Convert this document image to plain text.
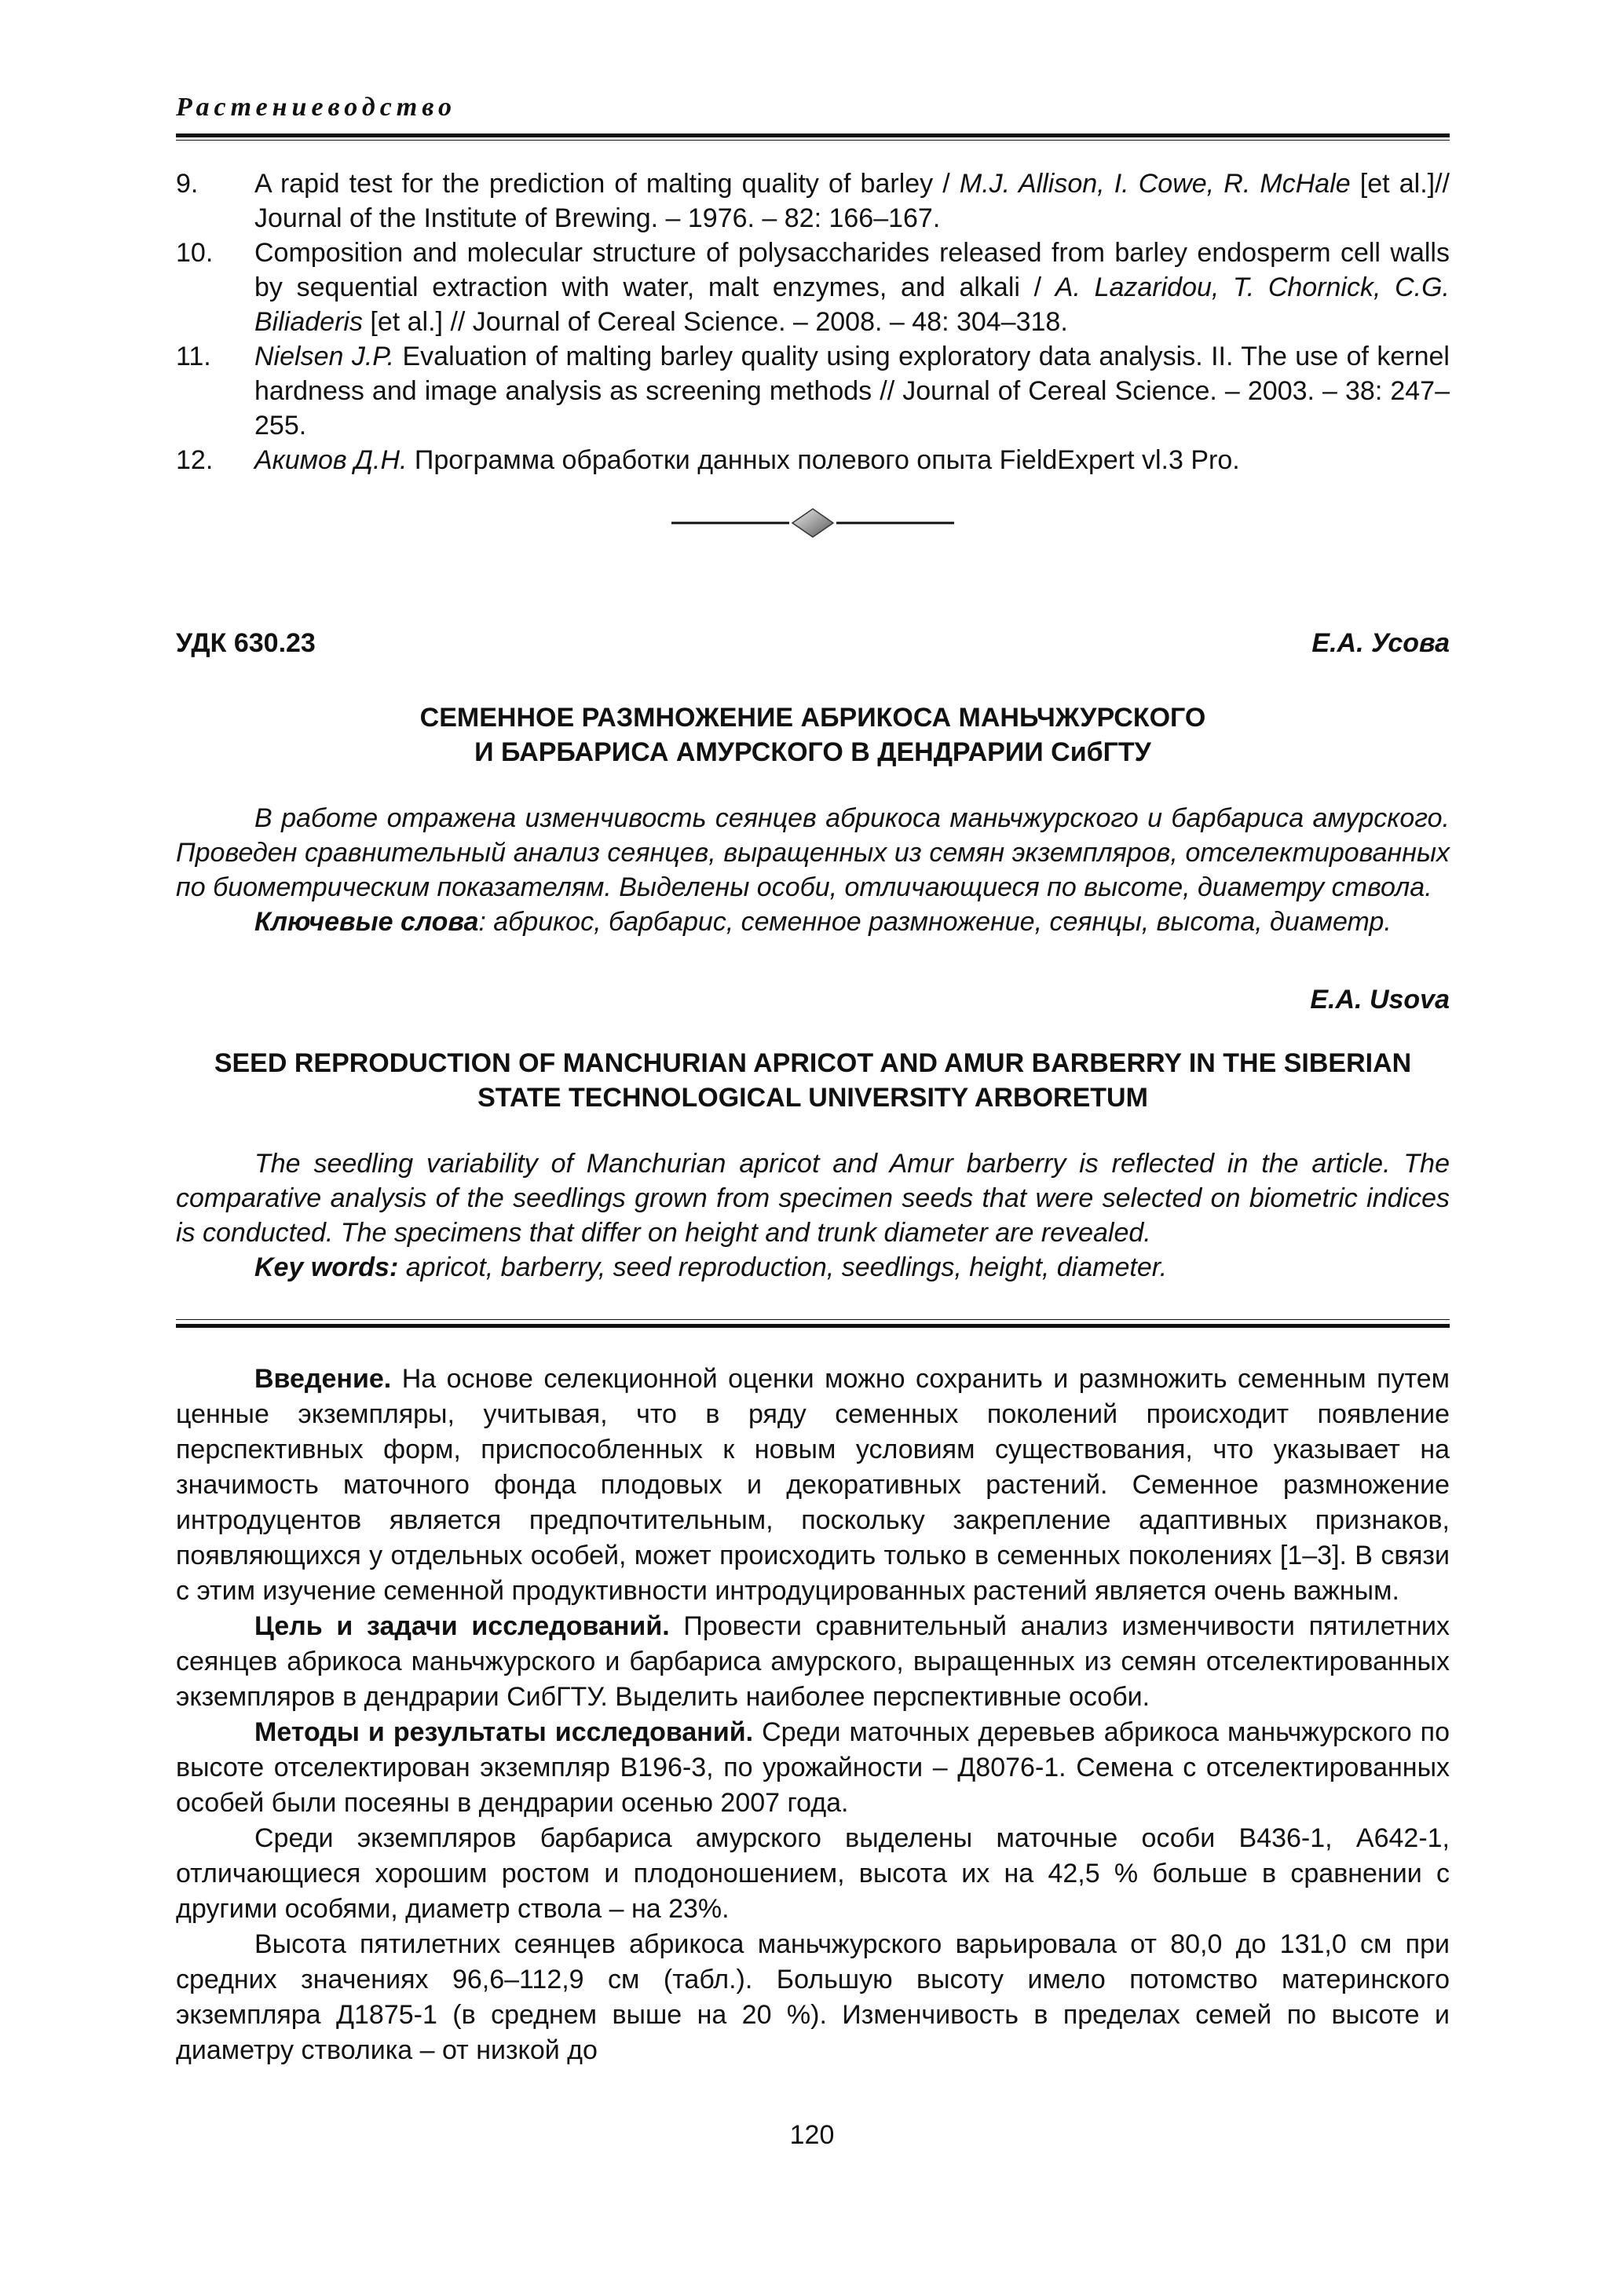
Растениеводство
9. A rapid test for the prediction of malting quality of barley / M.J. Allison, I. Cowe, R. McHale [et al.]// Journal of the Institute of Brewing. – 1976. – 82: 166–167.
10. Composition and molecular structure of polysaccharides released from barley endosperm cell walls by sequential extraction with water, malt enzymes, and alkali / A. Lazaridou, T. Chornick, C.G. Biliaderis [et al.] // Journal of Cereal Science. – 2008. – 48: 304–318.
11. Nielsen J.P. Evaluation of malting barley quality using exploratory data analysis. II. The use of kernel hardness and image analysis as screening methods // Journal of Cereal Science. – 2003. – 38: 247–255.
12. Акимов Д.Н. Программа обработки данных полевого опыта FieldExpert vl.3 Pro.
УДК 630.23	Е.А. Усова
СЕМЕННОЕ РАЗМНОЖЕНИЕ АБРИКОСА МАНЬЧЖУРСКОГО
И БАРБАРИСА АМУРСКОГО В ДЕНДРАРИИ СибГТУ

В работе отражена изменчивость сеянцев абрикоса маньчжурского и барбариса амурского. Проведен сравнительный анализ сеянцев, выращенных из семян экземпляров, отселектированных по биометрическим показателям. Выделены особи, отличающиеся по высоте, диаметру ствола.

Ключевые слова: абрикос, барбарис, семенное размножение, сеянцы, высота, диаметр.

E.A. Usova
SEED REPRODUCTION OF MANCHURIAN APRICOT AND AMUR BARBERRY IN THE SIBERIAN
STATE TECHNOLOGICAL UNIVERSITY ARBORETUM

The seedling variability of Manchurian apricot and Amur barberry is reflected in the article. The comparative analysis of the seedlings grown from specimen seeds that were selected on biometric indices is conducted. The specimens that differ on height and trunk diameter are revealed.

Key words: apricot, barberry, seed reproduction, seedlings, height, diameter.

Введение. На основе селекционной оценки можно сохранить и размножить семенным путем ценные экземпляры, учитывая, что в ряду семенных поколений происходит появление перспективных форм, приспособленных к новым условиям существования, что указывает на значимость маточного фонда плодовых и декоративных растений. Семенное размножение интродуцентов является предпочтительным, поскольку закрепление адаптивных признаков, появляющихся у отдельных особей, может происходить только в семенных поколениях [1–3]. В связи с этим изучение семенной продуктивности интродуцированных растений является очень важным.

Цель и задачи исследований. Провести сравнительный анализ изменчивости пятилетних сеянцев абрикоса маньчжурского и барбариса амурского, выращенных из семян отселектированных экземпляров в дендрарии СибГТУ. Выделить наиболее перспективные особи.

Методы и результаты исследований. Среди маточных деревьев абрикоса маньчжурского по высоте отселектирован экземпляр В196-3, по урожайности – Д8076-1. Семена с отселектированных особей были посеяны в дендрарии осенью 2007 года.

Среди экземпляров барбариса амурского выделены маточные особи В436-1, А642-1, отличающиеся хорошим ростом и плодоношением, высота их на 42,5 % больше в сравнении с другими особями, диаметр ствола – на 23%.

Высота пятилетних сеянцев абрикоса маньчжурского варьировала от 80,0 до 131,0 см при средних значениях 96,6–112,9 см (табл.). Большую высоту имело потомство материнского экземпляра Д1875-1 (в среднем выше на 20 %). Изменчивость в пределах семей по высоте и диаметру стволика – от низкой до

120
